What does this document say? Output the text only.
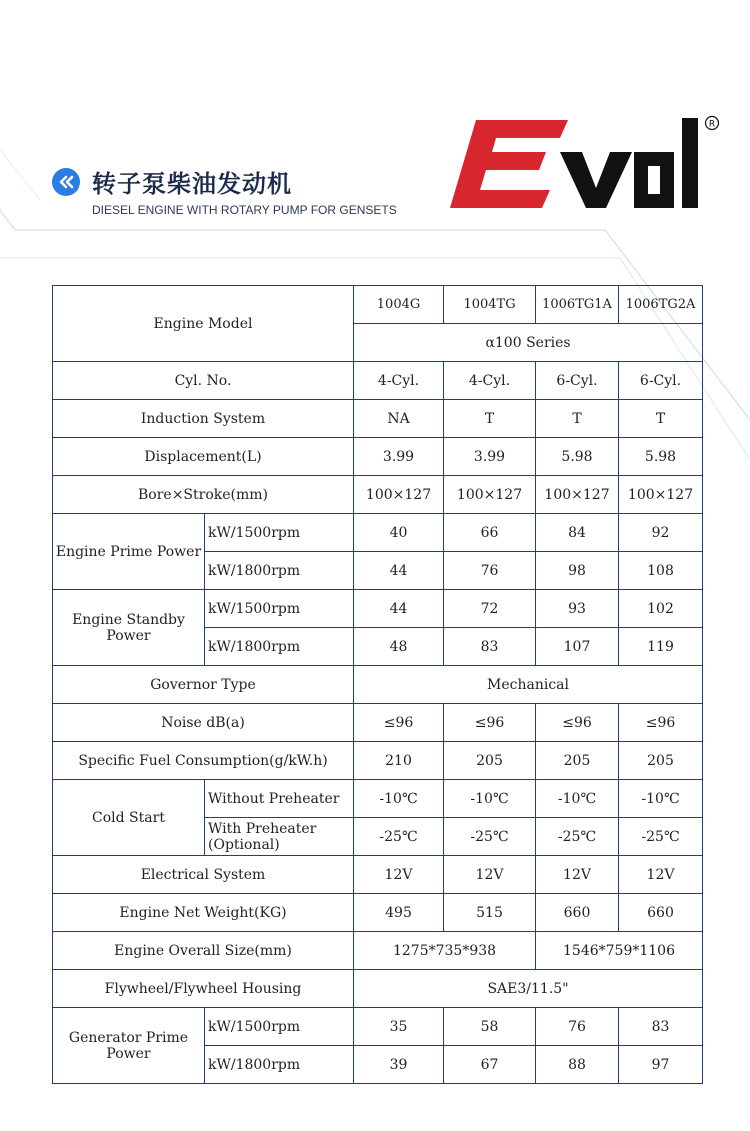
转子泵柴油发动机
DIESEL ENGINE WITH ROTARY PUMP FOR GENSETS
R
Engine Model		1004G	1004TG	1006TG1A	1006TG2A
		α100 Series			
Cyl. No.		4-Cyl.	4-Cyl.	6-Cyl.	6-Cyl.
Induction System		NA	T	T	T
Displacement(L)		3.99	3.99	5.98	5.98
Bore×Stroke(mm)		100×127	100×127	100×127	100×127
Engine Prime Power	kW/1500rpm	40	66	84	92
	kW/1800rpm	44	76	98	108
Engine Standby Power	kW/1500rpm	44	72	93	102
	kW/1800rpm	48	83	107	119
Governor Type		Mechanical			
Noise dB(a)		≤96	≤96	≤96	≤96
Specific Fuel Consumption(g/kW.h)		210	205	205	205
Cold Start	Without Preheater	-10℃	-10℃	-10℃	-10℃
	With Preheater (Optional)	-25℃	-25℃	-25℃	-25℃
Electrical System		12V	12V	12V	12V
Engine Net Weight(KG)		495	515	660	660
Engine Overall Size(mm)		1275*735*938		1546*759*1106	
Flywheel/Flywheel Housing		SAE3/11.5"			
Generator Prime Power	kW/1500rpm	35	58	76	83
	kW/1800rpm	39	67	88	97
